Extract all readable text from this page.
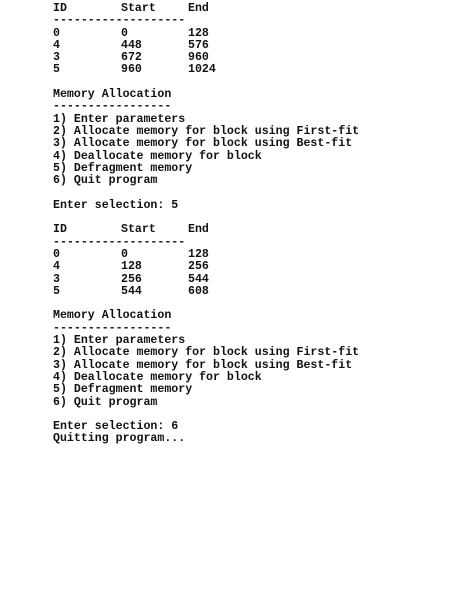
ID	Start	End
-------------------
0	0	128
4	448	576
3	672	960
5	960	1024
Memory Allocation
-----------------
1) Enter parameters
2) Allocate memory for block using First-fit
3) Allocate memory for block using Best-fit
4) Deallocate memory for block
5) Defragment memory
6) Quit program
Enter selection: 5
ID	Start	End
-------------------
0	0	128
4	128	256
3	256	544
5	544	608
Memory Allocation
-----------------
1) Enter parameters
2) Allocate memory for block using First-fit
3) Allocate memory for block using Best-fit
4) Deallocate memory for block
5) Defragment memory
6) Quit program
Enter selection: 6
Quitting program...
